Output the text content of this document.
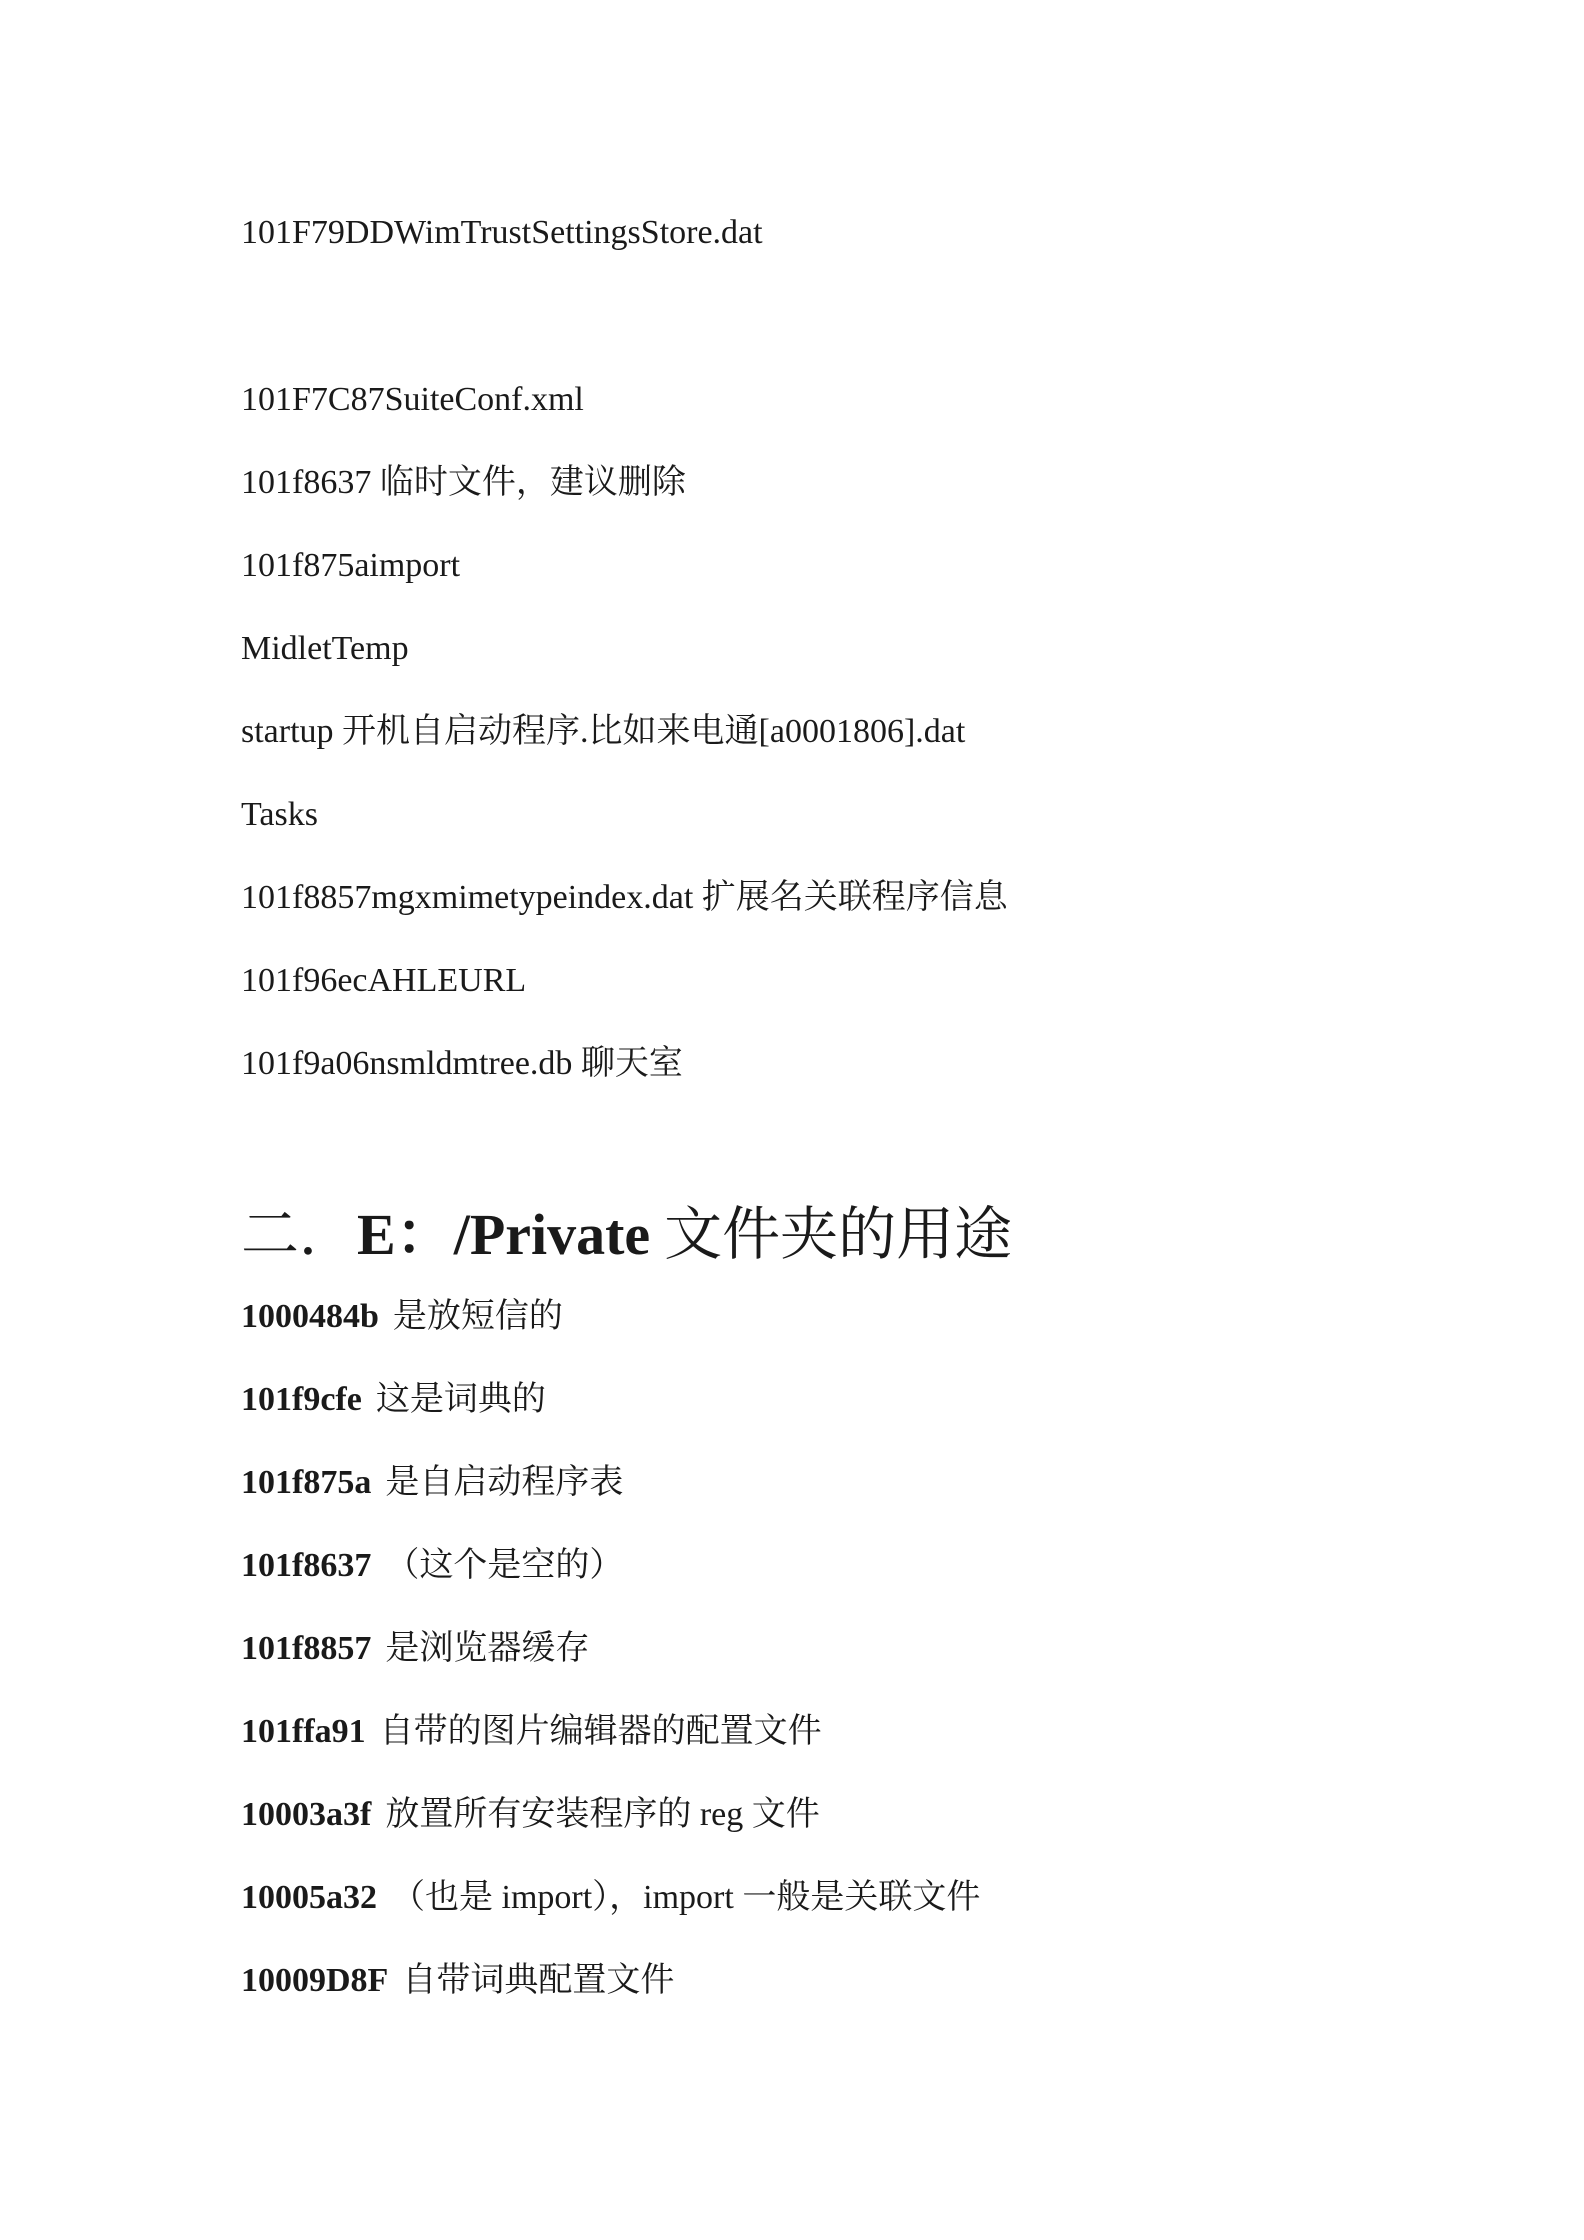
101F79DDWimTrustSettingsStore.dat
101F7C87SuiteConf.xml
101f8637 临时文件，建议删除
101f875aimport
MidletTemp
startup 开机自启动程序.比如来电通[a0001806].dat
Tasks
101f8857mgxmimetypeindex.dat 扩展名关联程序信息
101f96ecAHLEURL
101f9a06nsmldmtree.db 聊天室
二．E：/Private 文件夹的用途
1000484b 是放短信的
101f9cfe 这是词典的
101f875a 是自启动程序表
101f8637 （这个是空的）
101f8857 是浏览器缓存
101ffa91 自带的图片编辑器的配置文件
10003a3f 放置所有安装程序的 reg 文件
10005a32 （也是 import），import 一般是关联文件
10009D8F 自带词典配置文件
